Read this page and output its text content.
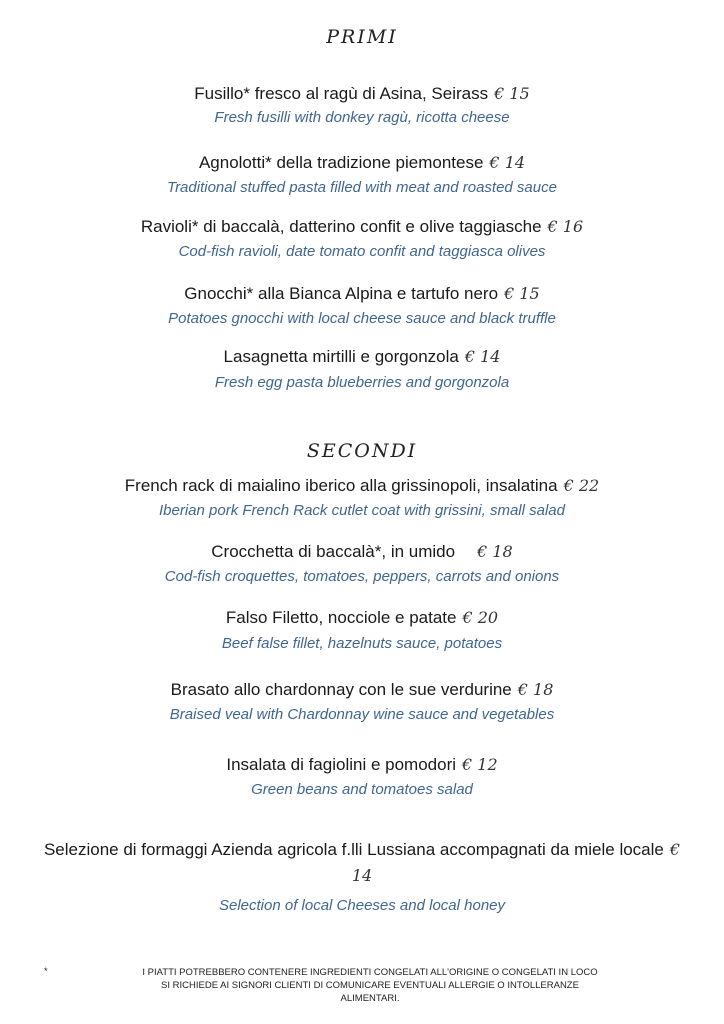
PRIMI
Fusillo* fresco al ragù di Asina, Seirass € 15
Fresh fusilli with donkey ragù, ricotta cheese
Agnolotti* della tradizione piemontese € 14
Traditional stuffed pasta filled with meat and roasted sauce
Ravioli* di baccalà, datterino confit e olive taggiasche € 16
Cod-fish ravioli, date tomato confit and taggiasca olives
Gnocchi* alla Bianca Alpina e tartufo nero € 15
Potatoes gnocchi with local cheese sauce and black truffle
Lasagnetta mirtilli e gorgonzola € 14
Fresh egg pasta blueberries and gorgonzola
SECONDI
French rack di maialino iberico alla grissinopoli, insalatina € 22
Iberian pork French Rack cutlet coat with grissini, small salad
Crocchetta di baccalà*, in umido € 18
Cod-fish croquettes, tomatoes, peppers, carrots and onions
Falso Filetto, nocciole e patate € 20
Beef false fillet, hazelnuts sauce, potatoes
Brasato allo chardonnay con le sue verdurine € 18
Braised veal with Chardonnay wine sauce and vegetables
Insalata di fagiolini e pomodori € 12
Green beans and tomatoes salad
Selezione di formaggi Azienda agricola f.lli Lussiana accompagnati da miele locale € 14
Selection of local Cheeses and local honey
*	I PIATTI POTREBBERO CONTENERE INGREDIENTI CONGELATI ALL'ORIGINE O CONGELATI IN LOCO
SI RICHIEDE AI SIGNORI CLIENTI DI COMUNICARE EVENTUALI ALLERGIE O INTOLLERANZE
ALIMENTARI.
